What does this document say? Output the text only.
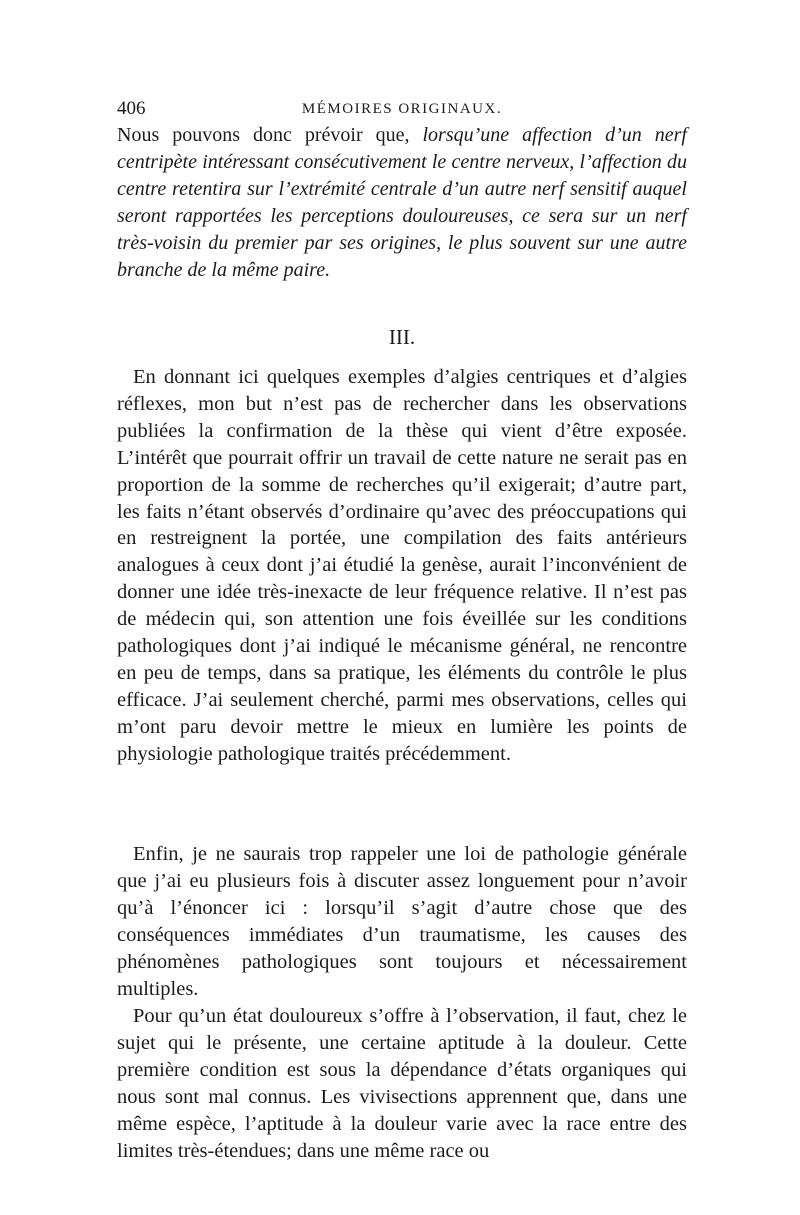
406	MÉMOIRES ORIGINAUX.

Nous pouvons donc prévoir que, lorsqu’une affection d’un nerf centripète intéressant consécutivement le centre nerveux, l’affection du centre retentira sur l’extrémité centrale d’un autre nerf sensitif auquel seront rapportées les perceptions douloureuses, ce sera sur un nerf très-voisin du premier par ses origines, le plus souvent sur une autre branche de la même paire.

III.

En donnant ici quelques exemples d’algies centriques et d’algies réflexes, mon but n’est pas de rechercher dans les observations publiées la confirmation de la thèse qui vient d’être exposée. L’intérêt que pourrait offrir un travail de cette nature ne serait pas en proportion de la somme de recherches qu’il exigerait; d’autre part, les faits n’étant observés d’ordinaire qu’avec des préoccupations qui en restreignent la portée, une compilation des faits antérieurs analogues à ceux dont j’ai étudié la genèse, aurait l’inconvénient de donner une idée très-inexacte de leur fréquence relative. Il n’est pas de médecin qui, son attention une fois éveillée sur les conditions pathologiques dont j’ai indiqué le mécanisme général, ne rencontre en peu de temps, dans sa pratique, les éléments du contrôle le plus efficace. J’ai seulement cherché, parmi mes observations, celles qui m’ont paru devoir mettre le mieux en lumière les points de physiologie pathologique traités précédemment.

Enfin, je ne saurais trop rappeler une loi de pathologie générale que j’ai eu plusieurs fois à discuter assez longuement pour n’avoir qu’à l’énoncer ici : lorsqu’il s’agit d’autre chose que des conséquences immédiates d’un traumatisme, les causes des phénomènes pathologiques sont toujours et nécessairement multiples.

Pour qu’un état douloureux s’offre à l’observation, il faut, chez le sujet qui le présente, une certaine aptitude à la douleur. Cette première condition est sous la dépendance d’états organiques qui nous sont mal connus. Les vivisections apprennent que, dans une même espèce, l’aptitude à la douleur varie avec la race entre des limites très-étendues; dans une même race ou
